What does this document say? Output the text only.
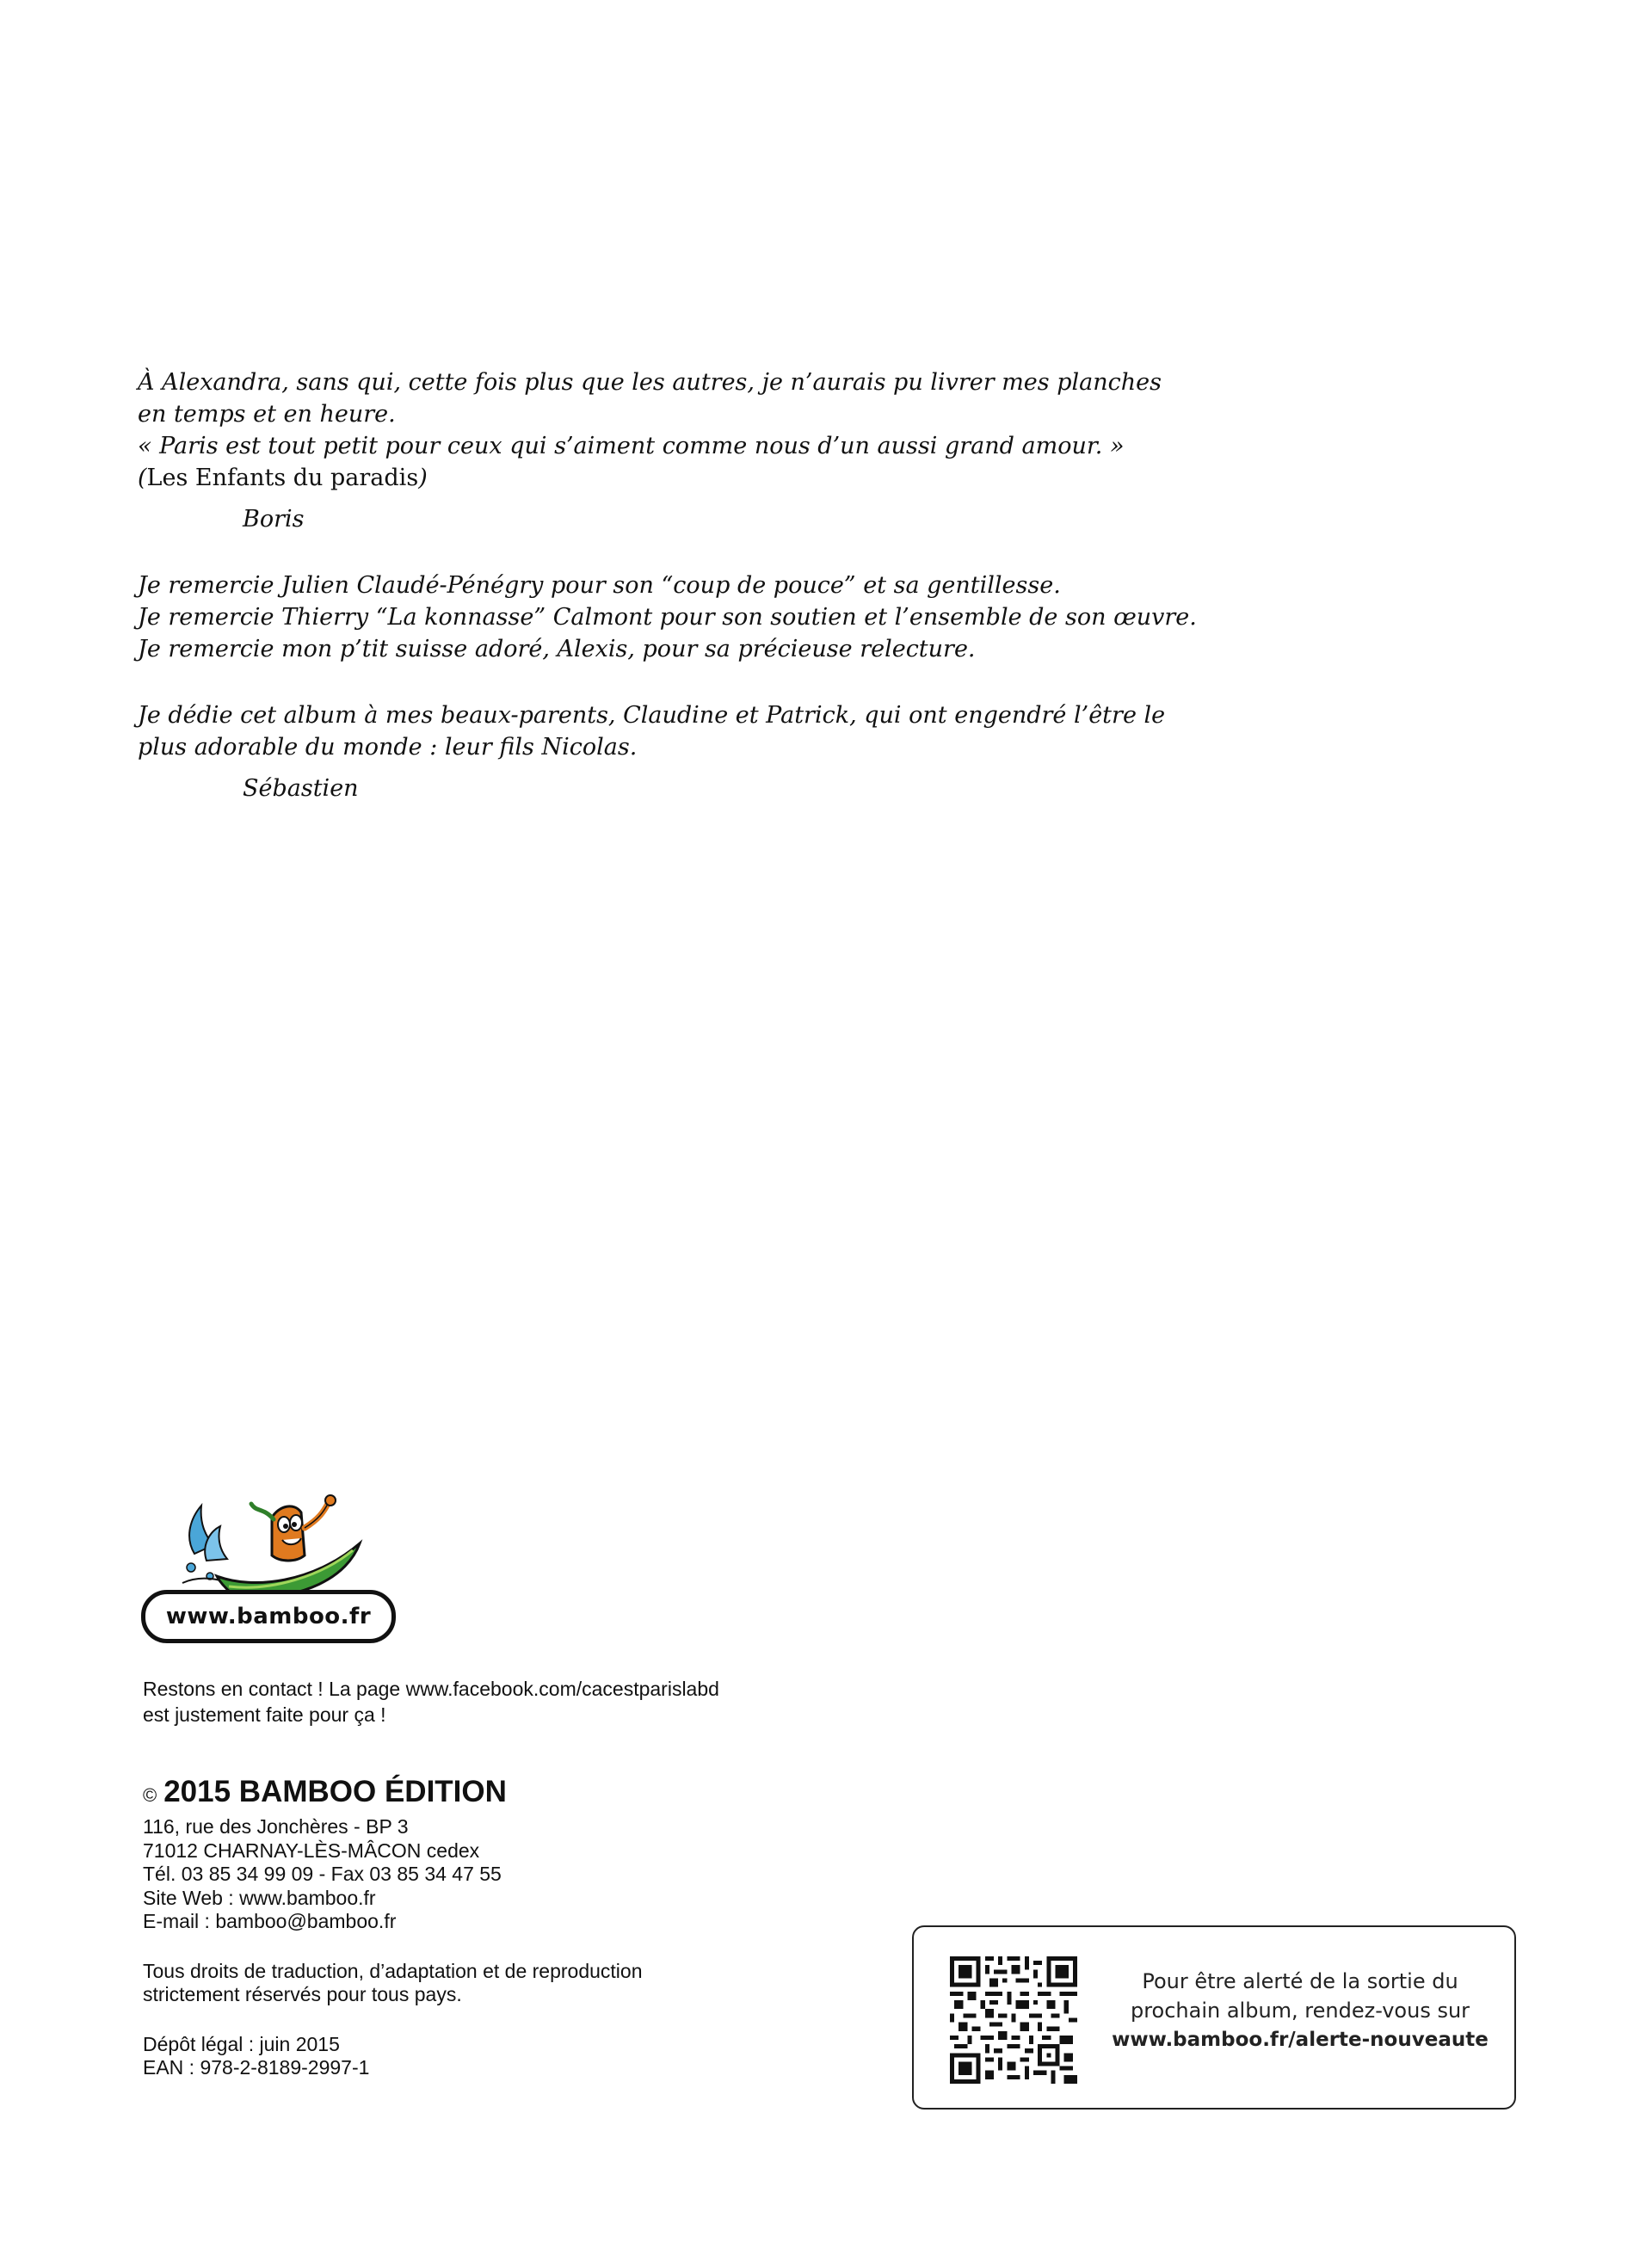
À Alexandra, sans qui, cette fois plus que les autres, je n’aurais pu livrer mes planches

en temps et en heure.

« Paris est tout petit pour ceux qui s’aiment comme nous d’un aussi grand amour. »

(Les Enfants du paradis)

Boris

Je remercie Julien Claudé-Pénégry pour son “coup de pouce” et sa gentillesse.

Je remercie Thierry “La konnasse” Calmont pour son soutien et l’ensemble de son œuvre.

Je remercie mon p’tit suisse adoré, Alexis, pour sa précieuse relecture.

Je dédie cet album à mes beaux-parents, Claudine et Patrick, qui ont engendré l’être le

plus adorable du monde : leur fils Nicolas.

Sébastien

www.bamboo.fr

Restons en contact ! La page www.facebook.com/cacestparislabd

est justement faite pour ça !

© 2015 BAMBOO ÉDITION

116, rue des Jonchères - BP 3

71012 CHARNAY-LÈS-MÂCON cedex

Tél. 03 85 34 99 09 - Fax 03 85 34 47 55

Site Web : www.bamboo.fr

E-mail : bamboo@bamboo.fr

Tous droits de traduction, d’adaptation et de reproduction

strictement réservés pour tous pays.

Dépôt légal : juin 2015

EAN : 978-2-8189-2997-1

Pour être alerté de la sortie du

prochain album, rendez-vous sur

www.bamboo.fr/alerte-nouveaute
